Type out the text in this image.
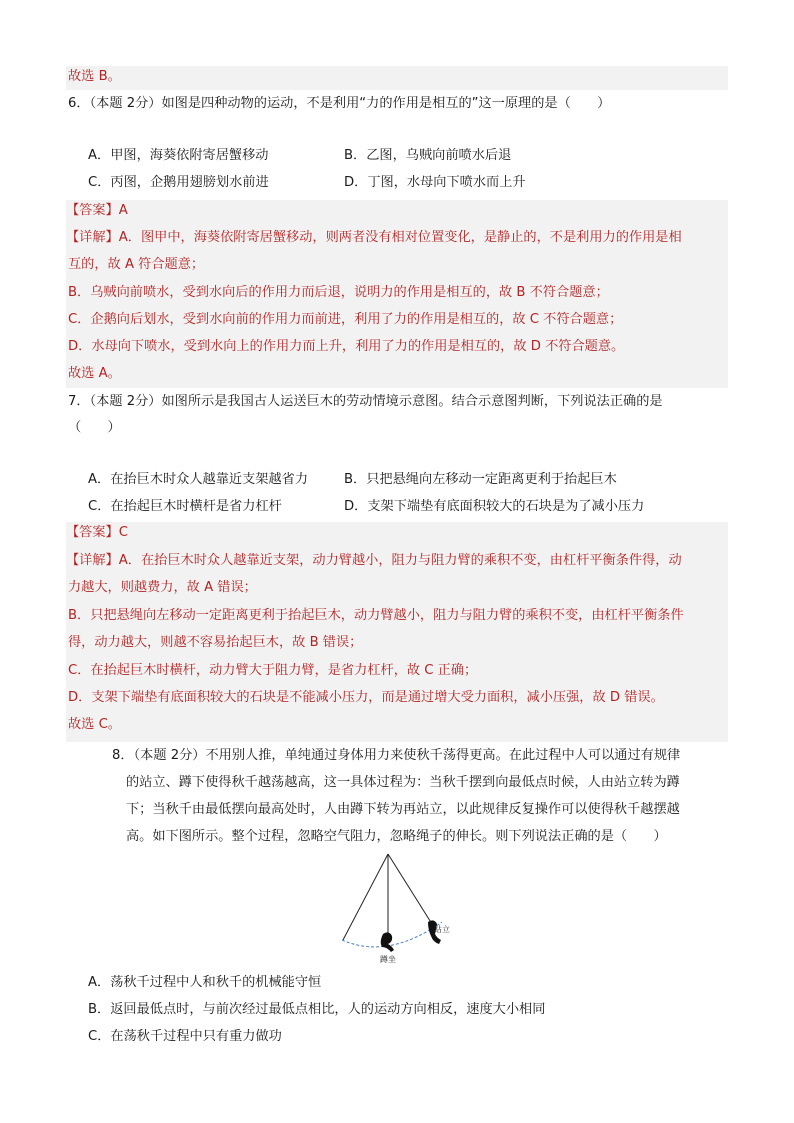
故选 B。
6．（本题 2分）如图是四种动物的运动，不是利用“力的作用是相互的”这一原理的是（　　）
A．甲图，海葵依附寄居蟹移动	B．乙图，乌贼向前喷水后退
C．丙图，企鹅用翅膀划水前进	D．丁图，水母向下喷水而上升
【答案】A
【详解】A．图甲中，海葵依附寄居蟹移动，则两者没有相对位置变化，是静止的，不是利用力的作用是相
互的，故 A 符合题意；
B．乌贼向前喷水，受到水向后的作用力而后退，说明力的作用是相互的，故 B 不符合题意；
C．企鹅向后划水，受到水向前的作用力而前进，利用了力的作用是相互的，故 C 不符合题意；
D．水母向下喷水，受到水向上的作用力而上升，利用了力的作用是相互的，故 D 不符合题意。
故选 A。
7．（本题 2分）如图所示是我国古人运送巨木的劳动情境示意图。结合示意图判断，下列说法正确的是
（　　）
A．在抬巨木时众人越靠近支架越省力	B．只把悬绳向左移动一定距离更利于抬起巨木
C．在抬起巨木时横杆是省力杠杆	D．支架下端垫有底面积较大的石块是为了减小压力
【答案】C
【详解】A．在抬巨木时众人越靠近支架，动力臂越小，阻力与阻力臂的乘积不变，由杠杆平衡条件得，动
力越大，则越费力，故 A 错误；
B．只把悬绳向左移动一定距离更利于抬起巨木，动力臂越小，阻力与阻力臂的乘积不变，由杠杆平衡条件
得，动力越大，则越不容易抬起巨木，故 B 错误；
C．在抬起巨木时横杆，动力臂大于阻力臂，是省力杠杆，故 C 正确；
D．支架下端垫有底面积较大的石块是不能减小压力，而是通过增大受力面积，减小压强，故 D 错误。
故选 C。
8．（本题 2分）不用别人推，单纯通过身体用力来使秋千荡得更高。在此过程中人可以通过有规律
的站立、蹲下使得秋千越荡越高，这一具体过程为：当秋千摆到向最低点时候，人由站立转为蹲
下；当秋千由最低摆向最高处时，人由蹲下转为再站立，以此规律反复操作可以使得秋千越摆越
高。如下图所示。整个过程，忽略空气阻力，忽略绳子的伸长。则下列说法正确的是（　　）
站立
蹲坐
A．荡秋千过程中人和秋千的机械能守恒
B．返回最低点时，与前次经过最低点相比，人的运动方向相反，速度大小相同
C．在荡秋千过程中只有重力做功
